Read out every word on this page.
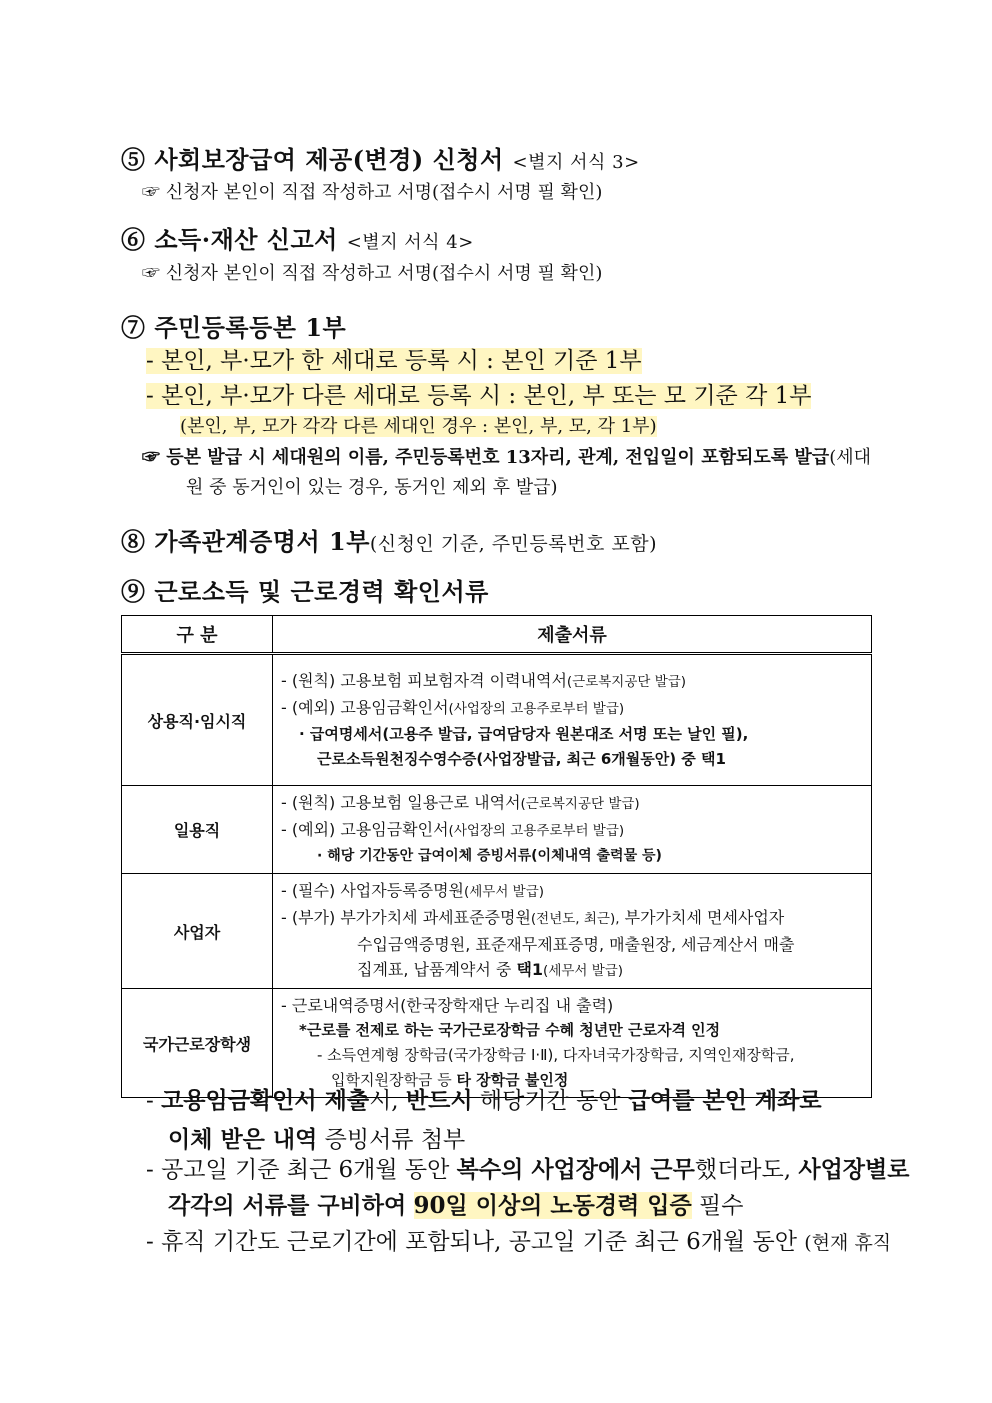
⑤ 사회보장급여 제공(변경) 신청서 <별지 서식 3>
☞ 신청자 본인이 직접 작성하고 서명(접수시 서명 필 확인)
⑥ 소득·재산 신고서 <별지 서식 4>
☞ 신청자 본인이 직접 작성하고 서명(접수시 서명 필 확인)
⑦ 주민등록등본 1부
- 본인, 부·모가 한 세대로 등록 시 : 본인 기준 1부
- 본인, 부·모가 다른 세대로 등록 시 : 본인, 부 또는 모 기준 각 1부
(본인, 부, 모가 각각 다른 세대인 경우 : 본인, 부, 모, 각 1부)
☞ 등본 발급 시 세대원의 이름, 주민등록번호 13자리, 관계, 전입일이 포함되도록 발급(세대
원 중 동거인이 있는 경우, 동거인 제외 후 발급)
⑧ 가족관계증명서 1부(신청인 기준, 주민등록번호 포함)
⑨ 근로소득 및 근로경력 확인서류
구 분	제출서류
상용직·임시직	- (원칙) 고용보험 피보험자격 이력내역서(근로복지공단 발급)
- (예외) 고용임금확인서(사업장의 고용주로부터 발급)
· 급여명세서(고용주 발급, 급여담당자 원본대조 서명 또는 날인 필),
근로소득원천징수영수증(사업장발급, 최근 6개월동안) 중 택1

일용직	- (원칙) 고용보험 일용근로 내역서(근로복지공단 발급)
- (예외) 고용임금확인서(사업장의 고용주로부터 발급)
· 해당 기간동안 급여이체 증빙서류(이체내역 출력물 등)

사업자	- (필수) 사업자등록증명원(세무서 발급)
- (부가) 부가가치세 과세표준증명원(전년도, 최근), 부가가치세 면세사업자
수입금액증명원, 표준재무제표증명, 매출원장, 세금계산서 매출
집계표, 납품계약서 중 택1(세무서 발급)

국가근로장학생	- 근로내역증명서(한국장학재단 누리집 내 출력)
*근로를 전제로 하는 국가근로장학금 수혜 청년만 근로자격 인정
- 소득연계형 장학금(국가장학금 Ⅰ·Ⅱ), 다자녀국가장학금, 지역인재장학금,
입학지원장학금 등 타 장학금 불인정
- 고용임금확인서 제출시, 반드시 해당기간 동안 급여를 본인 계좌로
이체 받은 내역 증빙서류 첨부
- 공고일 기준 최근 6개월 동안 복수의 사업장에서 근무했더라도, 사업장별로
각각의 서류를 구비하여 90일 이상의 노동경력 입증 필수
- 휴직 기간도 근로기간에 포함되나, 공고일 기준 최근 6개월 동안 (현재 휴직
